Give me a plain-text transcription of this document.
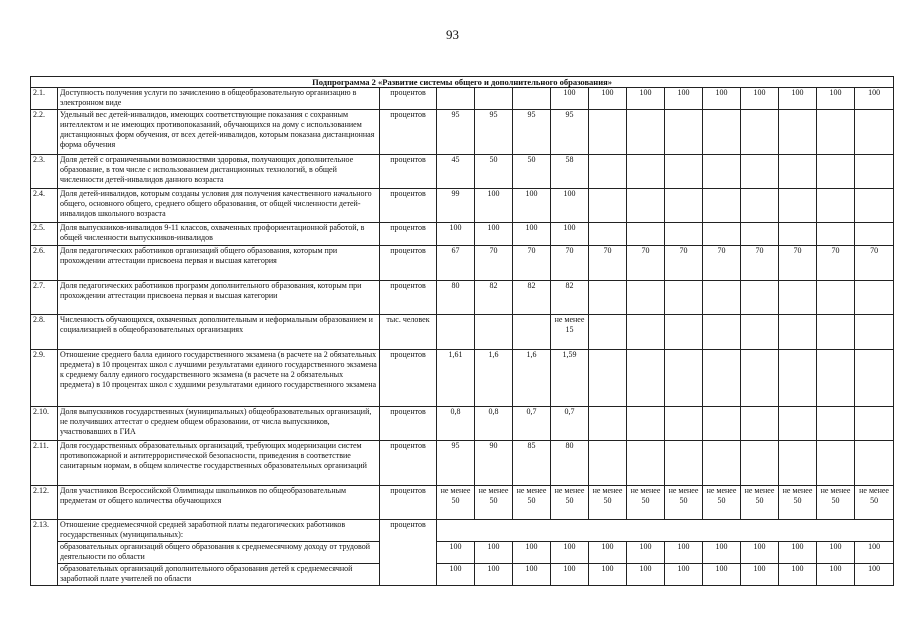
93
Подпрограмма 2 «Развитие системы общего и дополнительного образования»														
2.1.	Доступность получения услуги по зачислению в общеобразовательную организацию в электронном виде	процентов				100	100	100	100	100	100	100	100	100
2.2.	Удельный вес детей-инвалидов, имеющих соответствующие показания с сохранным интеллектом и не имеющих противопоказаний, обучающихся на дому с использованием дистанционных форм обучения, от всех детей-инвалидов, которым показана дистанционная форма обучения	процентов	95	95	95	95								
2.3.	Доля детей с ограниченными возможностями здоровья, получающих дополнительное образование, в том числе с использованием дистанционных технологий, в общей численности детей-инвалидов данного возраста	процентов	45	50	50	58								
2.4.	Доля детей-инвалидов, которым созданы условия для получения качественного начального общего, основного общего, среднего общего образования, от общей численности детей-инвалидов школьного возраста	процентов	99	100	100	100								
2.5.	Доля выпускников-инвалидов 9-11 классов, охваченных профориентационной работой, в общей численности выпускников-инвалидов	процентов	100	100	100	100								
2.6.	Доля педагогических работников организаций общего образования, которым при прохождении аттестации присвоена первая и высшая категория	процентов	67	70	70	70	70	70	70	70	70	70	70	70
2.7.	Доля педагогических работников программ дополнительного образования, которым при прохождении аттестации присвоена первая и высшая категории	процентов	80	82	82	82								
2.8.	Численность обучающихся, охваченных дополнительным и неформальным образованием и социализацией в общеобразовательных организациях	тыс. человек				не менее 15								
2.9.	Отношение среднего балла единого государственного экзамена (в расчете на 2 обязательных предмета) в 10 процентах школ с лучшими результатами единого государственного экзамена к среднему баллу единого государственного экзамена (в расчете на 2 обязательных предмета) в 10 процентах школ с худшими результатами единого государственного экзамена	процентов	1,61	1,6	1,6	1,59								
2.10.	Доля выпускников государственных (муниципальных) общеобразовательных организаций, не получивших аттестат о среднем общем образовании, от числа выпускников, участвовавших в ГИА	процентов	0,8	0,8	0,7	0,7								
2.11.	Доля государственных образовательных организаций, требующих модернизации систем противопожарной и антитеррористической безопасности, приведения в соответствие санитарным нормам, в общем количестве государственных образовательных организаций	процентов	95	90	85	80								
2.12.	Доля участников Всероссийской Олимпиады школьников по общеобразовательным предметам от общего количества обучающихся	процентов	не менее 50	не менее 50	не менее 50	не менее 50	не менее 50	не менее 50	не менее 50	не менее 50	не менее 50	не менее 50	не менее 50	не менее 50
2.13.	Отношение среднемесячной средней заработной платы педагогических работников государственных (муниципальных):	процентов												
	образовательных организаций общего образования к среднемесячному доходу от трудовой деятельности по области		100	100	100	100	100	100	100	100	100	100	100	100
	образовательных организаций дополнительного образования детей к среднемесячной заработной плате учителей по области		100	100	100	100	100	100	100	100	100	100	100	100
